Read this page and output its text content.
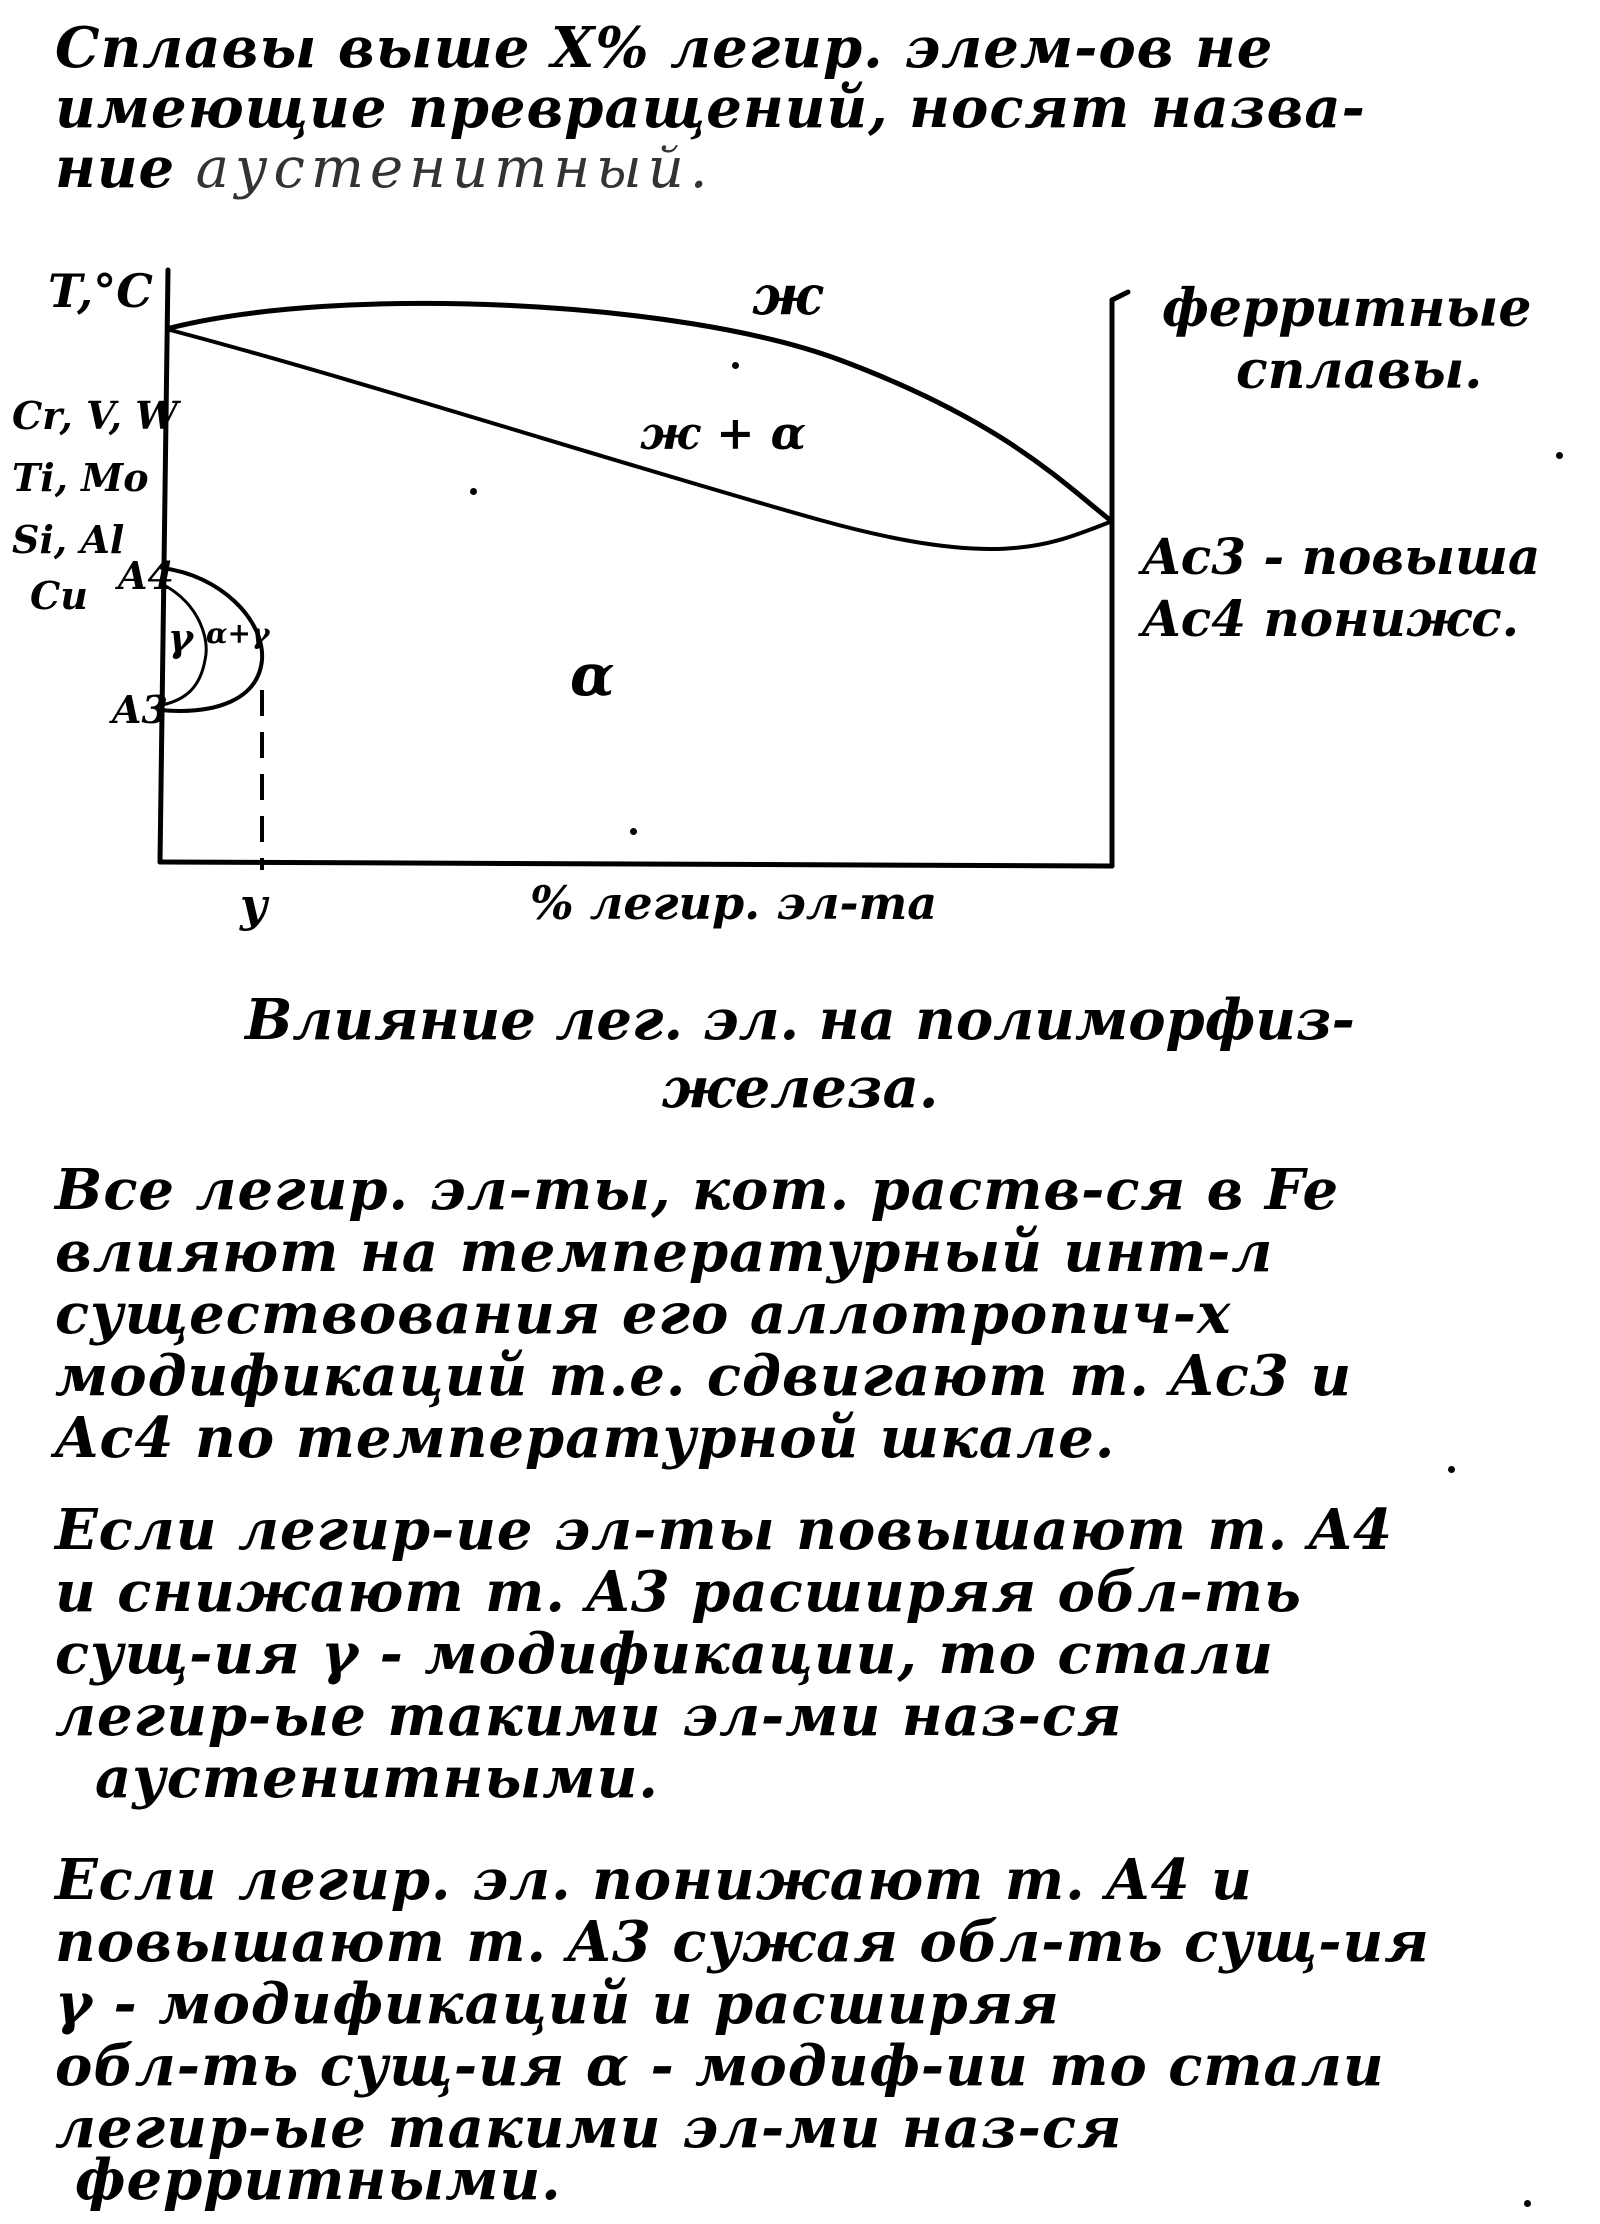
Сплавы выше X% легир. элем-ов не
имеющие превращений, носят назва-
ние аустенитный.
T,°C
Cr, V, W
Ti, Mo
Si, Al
Cu A4
A3
γ α+γ
y	% легир. эл-та
ж
ж + α
α
ферритные
сплавы.
Ac3 - повыша
Ac4 понижс.
Влияние лег. эл. на полиморфиз-
железа.
Все легир. эл-ты, кот. раств-ся в Fe
влияют на температурный инт-л
существования его аллотропич-х
модификаций т.е. сдвигают т. Ac3 и
Ac4 по температурной шкале.
Если легир-ие эл-ты повышают т. A4
и снижают т. A3 расширяя обл-ть
сущ-ия γ - модификации, то стали
легир-ые такими эл-ми наз-ся
аустенитными.
Если легир. эл. понижают т. A4 и
повышают т. A3 сужая обл-ть сущ-ия
γ - модификаций и расширяя
обл-ть сущ-ия α - модиф-ии то стали
легир-ые такими эл-ми наз-ся
ферритными.
